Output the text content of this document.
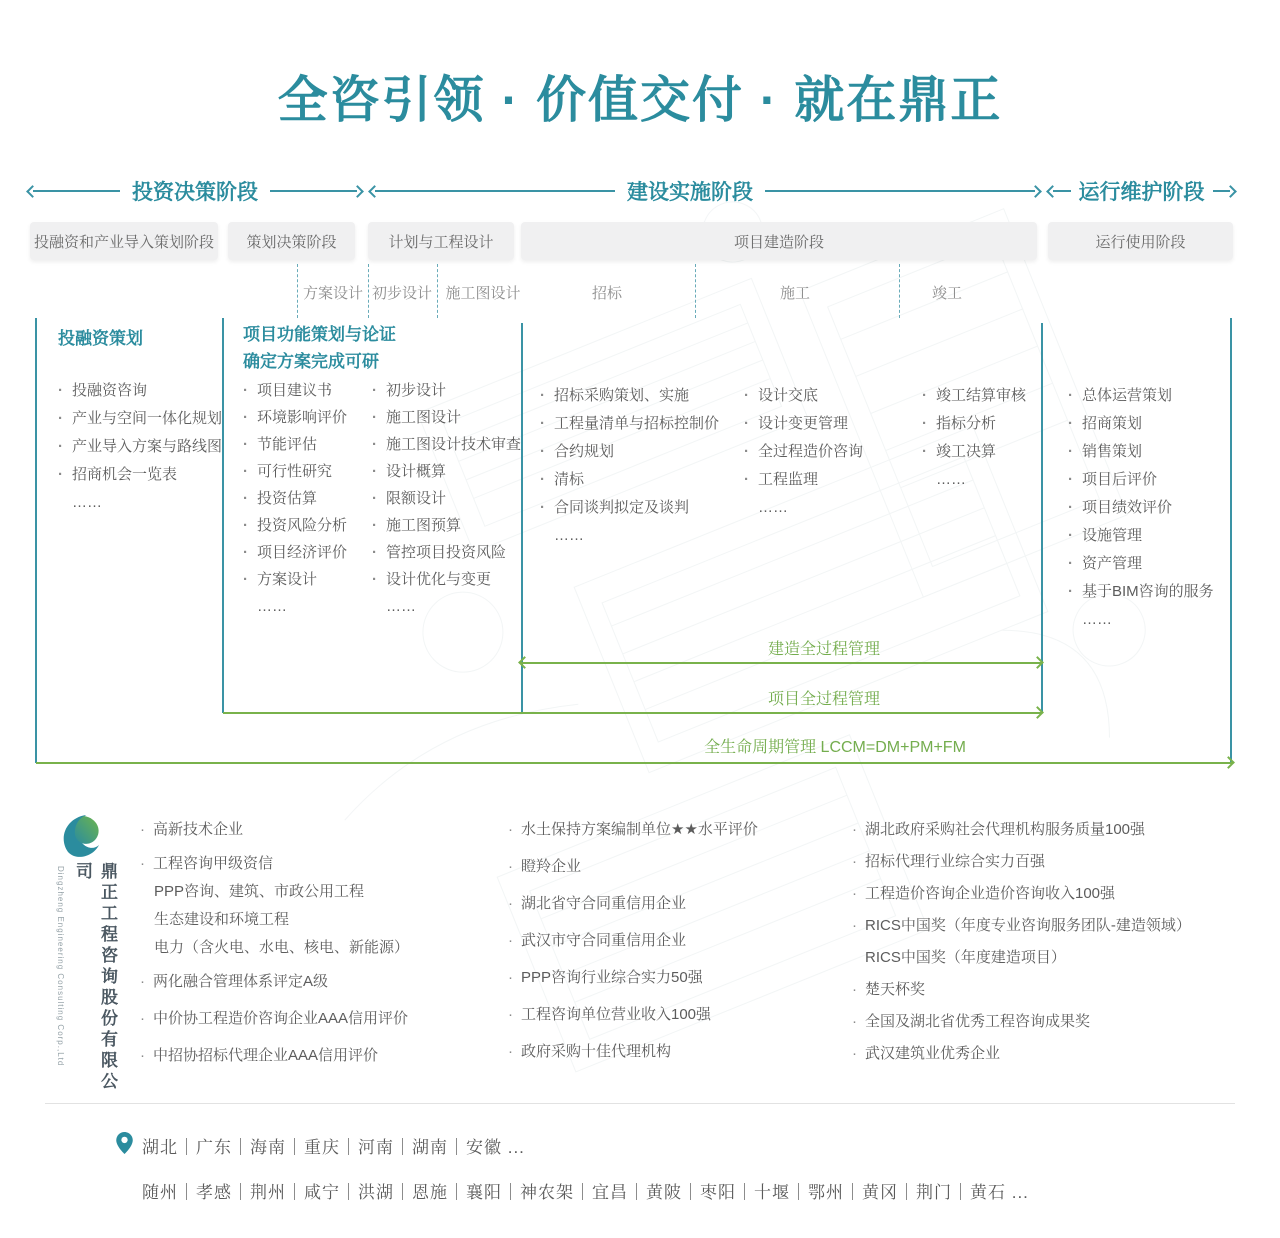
全咨引领 · 价值交付 · 就在鼎正
投资决策阶段	建设实施阶段	运行维护阶段
投融资和产业导入策划阶段	策划决策阶段	计划与工程设计	项目建造阶段	运行使用阶段
方案设计 初步设计 施工图设计	招标	施工	竣工
投融资策划
· 投融资咨询
· 产业与空间一体化规划
· 产业导入方案与路线图
· 招商机会一览表
……
项目功能策划与论证
确定方案完成可研
· 项目建议书
· 环境影响评价
· 节能评估
· 可行性研究
· 投资估算
· 投资风险分析
· 项目经济评价
· 方案设计
……
· 初步设计
· 施工图设计
· 施工图设计技术审查
· 设计概算
· 限额设计
· 施工图预算
· 管控项目投资风险
· 设计优化与变更
……
· 招标采购策划、实施
· 工程量清单与招标控制价
· 合约规划
· 清标
· 合同谈判拟定及谈判
……
· 设计交底
· 设计变更管理
· 全过程造价咨询
· 工程监理
……
· 竣工结算审核
· 指标分析
· 竣工决算
……
· 总体运营策划
· 招商策划
· 销售策划
· 项目后评价
· 项目绩效评价
· 设施管理
· 资产管理
· 基于BIM咨询的服务
……
建造全过程管理
项目全过程管理
全生命周期管理 LCCM=DM+PM+FM
Dingzheng Engineering Consulting Corp.,Ltd	鼎正工程咨询股份有限公司
· 高新技术企业
· 工程咨询甲级资信
PPP咨询、建筑、市政公用工程
生态建设和环境工程
电力（含火电、水电、核电、新能源）
· 两化融合管理体系评定A级
· 中价协工程造价咨询企业AAA信用评价
· 中招协招标代理企业AAA信用评价
· 水土保持方案编制单位★★水平评价
· 瞪羚企业
· 湖北省守合同重信用企业
· 武汉市守合同重信用企业
· PPP咨询行业综合实力50强
· 工程咨询单位营业收入100强
· 政府采购十佳代理机构
· 湖北政府采购社会代理机构服务质量100强
· 招标代理行业综合实力百强
· 工程造价咨询企业造价咨询收入100强
· RICS中国奖（年度专业咨询服务团队-建造领域）
RICS中国奖（年度建造项目）
· 楚天杯奖
· 全国及湖北省优秀工程咨询成果奖
· 武汉建筑业优秀企业
湖北｜广东｜海南｜重庆｜河南｜湖南｜安徽 ...
随州｜孝感｜荆州｜咸宁｜洪湖｜恩施｜襄阳｜神农架｜宜昌｜黄陂｜枣阳｜十堰｜鄂州｜黄冈｜荆门｜黄石 ...
